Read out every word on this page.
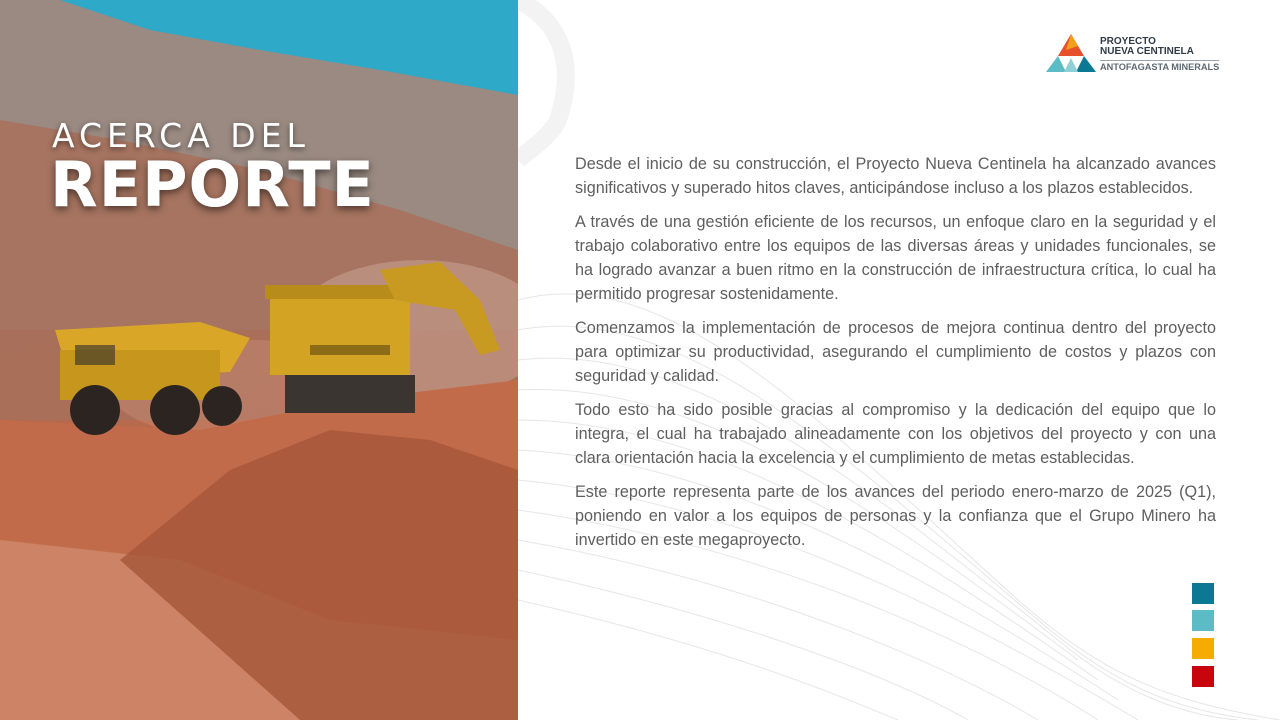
ACERCA DEL
REPORTE
PROYECTO
NUEVA CENTINELA
ANTOFAGASTA MINERALS

Desde el inicio de su construcción, el Proyecto Nueva Centinela ha alcanzado avances significativos y superado hitos claves, anticipándose incluso a los plazos establecidos.

A través de una gestión eficiente de los recursos, un enfoque claro en la seguridad y el trabajo colaborativo entre los equipos de las diversas áreas y unidades funcionales, se ha logrado avanzar a buen ritmo en la construcción de infraestructura crítica, lo cual ha permitido progresar sostenidamente.

Comenzamos la implementación de procesos de mejora continua dentro del proyecto para optimizar su productividad, asegurando el cumplimiento de costos y plazos con seguridad y calidad.

Todo esto ha sido posible gracias al compromiso y la dedicación del equipo que lo integra, el cual ha trabajado alineadamente con los objetivos del proyecto y con una clara orientación hacia la excelencia y el cumplimiento de metas establecidas.

Este reporte representa parte de los avances del periodo enero-marzo de 2025 (Q1), poniendo en valor a los equipos de personas y la confianza que el Grupo Minero ha invertido en este megaproyecto.
